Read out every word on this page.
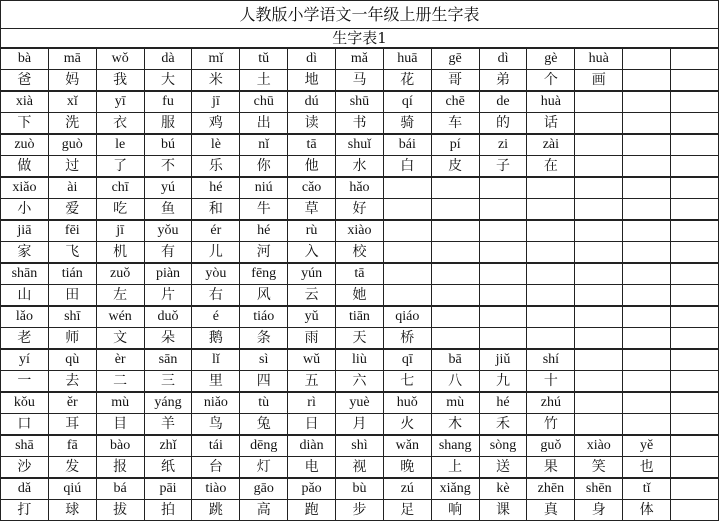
人教版小学语文一年级上册生字表														
生字表1														
bà	mā	wǒ	dà	mǐ	tǔ	dì	mǎ	huā	gē	dì	gè	huà		
爸	妈	我	大	米	土	地	马	花	哥	弟	个	画		
xià	xǐ	yī	fu	jī	chū	dú	shū	qí	chē	de	huà			
下	洗	衣	服	鸡	出	读	书	骑	车	的	话			
zuò	guò	le	bú	lè	nǐ	tā	shuǐ	bái	pí	zi	zài			
做	过	了	不	乐	你	他	水	白	皮	子	在			
xiǎo	ài	chī	yú	hé	niú	cǎo	hǎo							
小	爱	吃	鱼	和	牛	草	好							
jiā	fēi	jī	yǒu	ér	hé	rù	xiào							
家	飞	机	有	儿	河	入	校							
shān	tián	zuǒ	piàn	yòu	fēng	yún	tā							
山	田	左	片	右	风	云	她							
lǎo	shī	wén	duǒ	é	tiáo	yǔ	tiān	qiáo						
老	师	文	朵	鹅	条	雨	天	桥						
yí	qù	èr	sān	lǐ	sì	wǔ	liù	qī	bā	jiǔ	shí			
一	去	二	三	里	四	五	六	七	八	九	十			
kǒu	ěr	mù	yáng	niǎo	tù	rì	yuè	huǒ	mù	hé	zhú			
口	耳	目	羊	鸟	兔	日	月	火	木	禾	竹			
shā	fā	bào	zhǐ	tái	dēng	diàn	shì	wǎn	shang	sòng	guǒ	xiào	yě	
沙	发	报	纸	台	灯	电	视	晚	上	送	果	笑	也	
dǎ	qiú	bá	pāi	tiào	gāo	pǎo	bù	zú	xiǎng	kè	zhēn	shēn	tǐ	
打	球	拔	拍	跳	高	跑	步	足	响	课	真	身	体	
